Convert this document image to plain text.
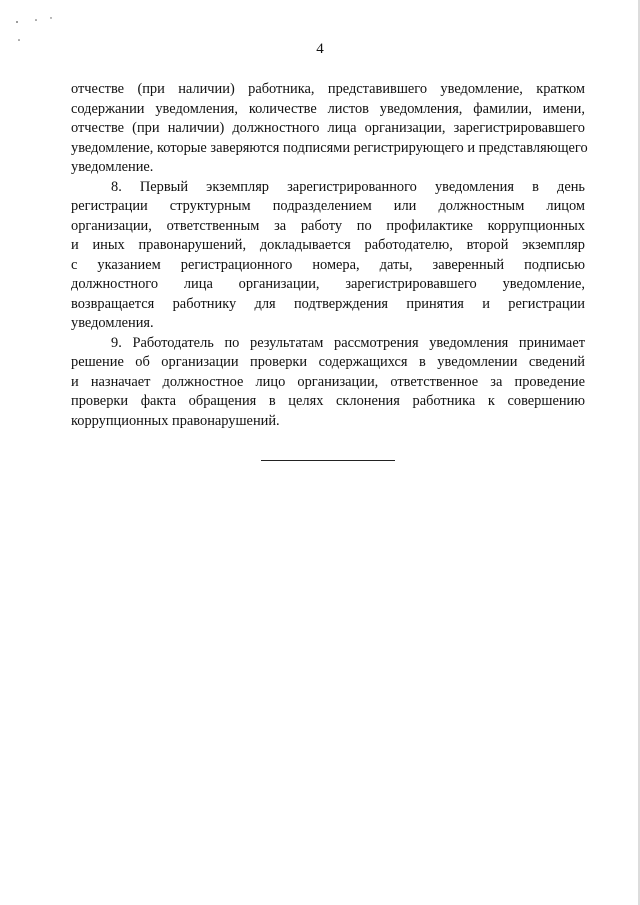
4

отчестве (при наличии) работника, представившего уведомление, кратком
содержании уведомления, количестве листов уведомления, фамилии, имени,
отчестве (при наличии) должностного лица организации, зарегистрировавшего
уведомление, которые заверяются подписями регистрирующего и представляющего
уведомление.

8. Первый экземпляр зарегистрированного уведомления в день
регистрации структурным подразделением или должностным лицом
организации, ответственным за работу по профилактике коррупционных
и иных правонарушений, докладывается работодателю, второй экземпляр
с указанием регистрационного номера, даты, заверенный подписью
должностного лица организации, зарегистрировавшего уведомление,
возвращается работнику для подтверждения принятия и регистрации
уведомления.

9. Работодатель по результатам рассмотрения уведомления принимает
решение об организации проверки содержащихся в уведомлении сведений
и назначает должностное лицо организации, ответственное за проведение
проверки факта обращения в целях склонения работника к совершению
коррупционных правонарушений.
